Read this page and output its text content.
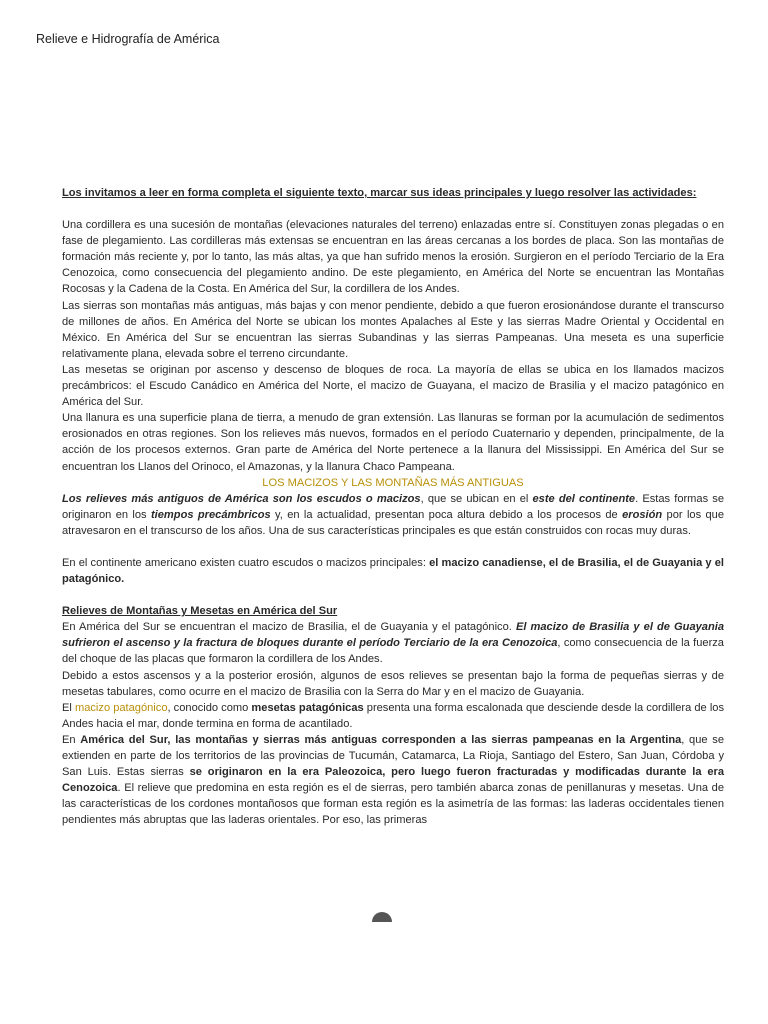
Relieve e Hidrografía de América

Los invitamos a leer en forma completa el siguiente texto, marcar sus ideas principales y luego resolver las actividades:

Una cordillera es una sucesión de montañas (elevaciones naturales del terreno) enlazadas entre sí. Constituyen zonas plegadas o en fase de plegamiento. Las cordilleras más extensas se encuentran en las áreas cercanas a los bordes de placa. Son las montañas de formación más reciente y, por lo tanto, las más altas, ya que han sufrido menos la erosión. Surgieron en el período Terciario de la Era Cenozoica, como consecuencia del plegamiento andino. De este plegamiento, en América del Norte se encuentran las Montañas Rocosas y la Cadena de la Costa. En América del Sur, la cordillera de los Andes.

Las sierras son montañas más antiguas, más bajas y con menor pendiente, debido a que fueron erosionándose durante el transcurso de millones de años. En América del Norte se ubican los montes Apalaches al Este y las sierras Madre Oriental y Occidental en México. En América del Sur se encuentran las sierras Subandinas y las sierras Pampeanas. Una meseta es una superficie relativamente plana, elevada sobre el terreno circundante.

Las mesetas se originan por ascenso y descenso de bloques de roca. La mayoría de ellas se ubica en los llamados macizos precámbricos: el Escudo Canádico en América del Norte, el macizo de Guayana, el macizo de Brasilia y el macizo patagónico en América del Sur.

Una llanura es una superficie plana de tierra, a menudo de gran extensión. Las llanuras se forman por la acumulación de sedimentos erosionados en otras regiones. Son los relieves más nuevos, formados en el período Cuaternario y dependen, principalmente, de la acción de los procesos externos. Gran parte de América del Norte pertenece a la llanura del Mississippi. En América del Sur se encuentran los Llanos del Orinoco, el Amazonas, y la llanura Chaco Pampeana.

LOS MACIZOS Y LAS MONTAÑAS MÁS ANTIGUAS

Los relieves más antiguos de América son los escudos o macizos, que se ubican en el este del continente. Estas formas se originaron en los tiempos precámbricos y, en la actualidad, presentan poca altura debido a los procesos de erosión por los que atravesaron en el transcurso de los años. Una de sus características principales es que están construidos con rocas muy duras.

En el continente americano existen cuatro escudos o macizos principales: el macizo canadiense, el de Brasilia, el de Guayania y el patagónico.

Relieves de Montañas y Mesetas en América del Sur

En América del Sur se encuentran el macizo de Brasilia, el de Guayania y el patagónico. El macizo de Brasilia y el de Guayania sufrieron el ascenso y la fractura de bloques durante el período Terciario de la era Cenozoica, como consecuencia de la fuerza del choque de las placas que formaron la cordillera de los Andes.

Debido a estos ascensos y a la posterior erosión, algunos de esos relieves se presentan bajo la forma de pequeñas sierras y de mesetas tabulares, como ocurre en el macizo de Brasilia con la Serra do Mar y en el macizo de Guayania.

El macizo patagónico, conocido como mesetas patagónicas presenta una forma escalonada que desciende desde la cordillera de los Andes hacia el mar, donde termina en forma de acantilado.

En América del Sur, las montañas y sierras más antiguas corresponden a las sierras pampeanas en la Argentina, que se extienden en parte de los territorios de las provincias de Tucumán, Catamarca, La Rioja, Santiago del Estero, San Juan, Córdoba y San Luis. Estas sierras se originaron en la era Paleozoica, pero luego fueron fracturadas y modificadas durante la era Cenozoica. El relieve que predomina en esta región es el de sierras, pero también abarca zonas de penillanuras y mesetas. Una de las características de los cordones montañosos que forman esta región es la asimetría de las formas: las laderas occidentales tienen pendientes más abruptas que las laderas orientales. Por eso, las primeras
